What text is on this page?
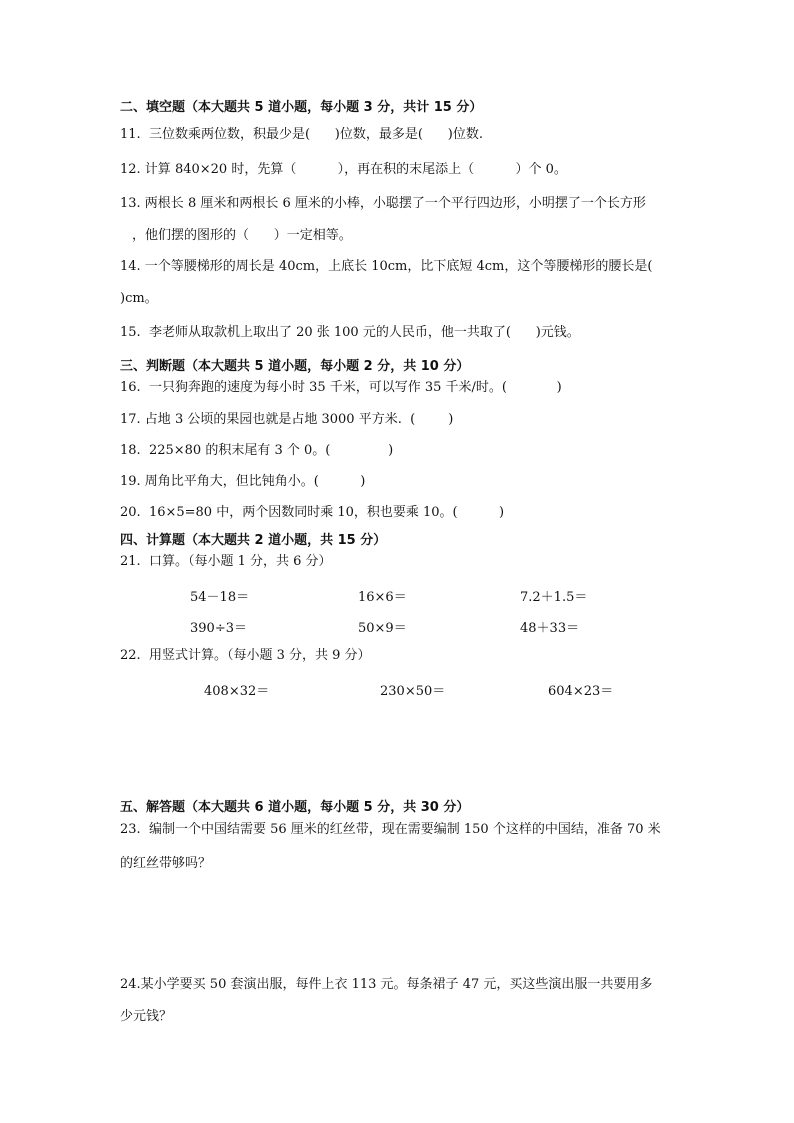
二、填空题（本大题共 5 道小题，每小题 3 分，共计 15 分）
11.  三位数乘两位数，积最少是(      )位数，最多是(      )位数.
12. 计算 840×20 时，先算（          ），再在积的末尾添上（          ）个 0。
13. 两根长 8 厘米和两根长 6 厘米的小棒，小聪摆了一个平行四边形，小明摆了一个长方形
，他们摆的图形的（      ）一定相等。
14. 一个等腰梯形的周长是 40cm，上底长 10cm，比下底短 4cm，这个等腰梯形的腰长是(
)cm。
15.  李老师从取款机上取出了 20 张 100 元的人民币，他一共取了(      )元钱。
三、判断题（本大题共 5 道小题，每小题 2 分，共 10 分）
16.  一只狗奔跑的速度为每小时 35 千米，可以写作 35 千米/时。(            )
17. 占地 3 公顷的果园也就是占地 3000 平方米.  (        )
18.  225×80 的积末尾有 3 个 0。(              )
19. 周角比平角大，但比钝角小。(          )
20.  16×5=80 中，两个因数同时乘 10，积也要乘 10。(          )
四、计算题（本大题共 2 道小题，共 15 分）
21.  口算。（每小题 1 分，共 6 分）
54－18＝	16×6＝	7.2＋1.5＝
390÷3＝	50×9＝	48＋33＝
22.  用竖式计算。（每小题 3 分，共 9 分）
408×32＝	230×50＝	604×23＝
五、解答题（本大题共 6 道小题，每小题 5 分，共 30 分）
23.  编制一个中国结需要 56 厘米的红丝带，现在需要编制 150 个这样的中国结，准备 70 米
的红丝带够吗？
24.某小学要买 50 套演出服，每件上衣 113 元。每条裙子 47 元，买这些演出服一共要用多
少元钱？
